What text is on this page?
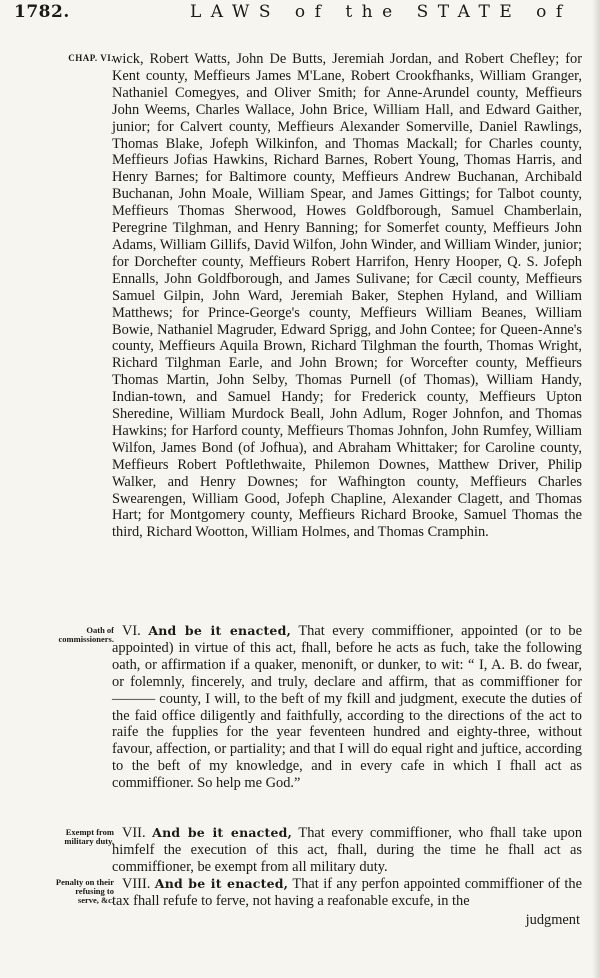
1782.	LAWS of the STATE of
CHAP. VI.

wick, Robert Watts, John De Butts, Jeremiah Jordan, and Robert Chefley; for Kent county, Meffieurs James M'Lane, Robert Crookfhanks, William Granger, Nathaniel Comegyes, and Oliver Smith; for Anne-Arundel county, Meffieurs John Weems, Charles Wallace, John Brice, William Hall, and Edward Gaither, junior; for Calvert county, Meffieurs Alexander Somerville, Daniel Rawlings, Thomas Blake, Jofeph Wilkinfon, and Thomas Mackall; for Charles county, Meffieurs Jofias Hawkins, Richard Barnes, Robert Young, Thomas Harris, and Henry Barnes; for Baltimore county, Meffieurs Andrew Buchanan, Archibald Buchanan, John Moale, William Spear, and James Gittings; for Talbot county, Meffieurs Thomas Sherwood, Howes Goldfborough, Samuel Chamberlain, Peregrine Tilghman, and Henry Banning; for Somerfet county, Meffieurs John Adams, William Gillifs, David Wilfon, John Winder, and William Winder, junior; for Dorchefter county, Meffieurs Robert Harrifon, Henry Hooper, Q. S. Jofeph Ennalls, John Goldfborough, and James Sulivane; for Cæcil county, Meffieurs Samuel Gilpin, John Ward, Jeremiah Baker, Stephen Hyland, and William Matthews; for Prince-George's county, Meffieurs William Beanes, William Bowie, Nathaniel Magruder, Edward Sprigg, and John Contee; for Queen-Anne's county, Meffieurs Aquila Brown, Richard Tilghman the fourth, Thomas Wright, Richard Tilghman Earle, and John Brown; for Worcefter county, Meffieurs Thomas Martin, John Selby, Thomas Purnell (of Thomas), William Handy, Indian-town, and Samuel Handy; for Frederick county, Meffieurs Upton Sheredine, William Murdock Beall, John Adlum, Roger Johnfon, and Thomas Hawkins; for Harford county, Meffieurs Thomas Johnfon, John Rumfey, William Wilfon, James Bond (of Jofhua), and Abraham Whittaker; for Caroline county, Meffieurs Robert Poftlethwaite, Philemon Downes, Matthew Driver, Philip Walker, and Henry Downes; for Wafhington county, Meffieurs Charles Swearengen, William Good, Jofeph Chapline, Alexander Clagett, and Thomas Hart; for Montgomery county, Meffieurs Richard Brooke, Samuel Thomas the third, Richard Wootton, William Holmes, and Thomas Cramphin.

Oath of commissioners. VI. And be it enacted, That every commiffioner, appointed (or to be appointed) in virtue of this act, fhall, before he acts as fuch, take the following oath, or affirmation if a quaker, menonift, or dunker, to wit: “ I, A. B. do fwear, or folemnly, fincerely, and truly, declare and affirm, that as commiffioner for ——— county, I will, to the beft of my fkill and judgment, execute the duties of the faid office diligently and faithfully, according to the directions of the act to raife the fupplies for the year feventeen hundred and eighty-three, without favour, affection, or partiality; and that I will do equal right and juftice, according to the beft of my knowledge, and in every cafe in which I fhall act as commiffioner. So help me God.”

Exempt from military duty. VII. And be it enacted, That every commiffioner, who fhall take upon himfelf the execution of this act, fhall, during the time he fhall act as commiffioner, be exempt from all military duty.

Penalty on their refusing to serve, &c.

VIII. And be it enacted, That if any perfon appointed commiffioner of the tax fhall refufe to ferve, not having a reafonable excufe, in the

judgment
